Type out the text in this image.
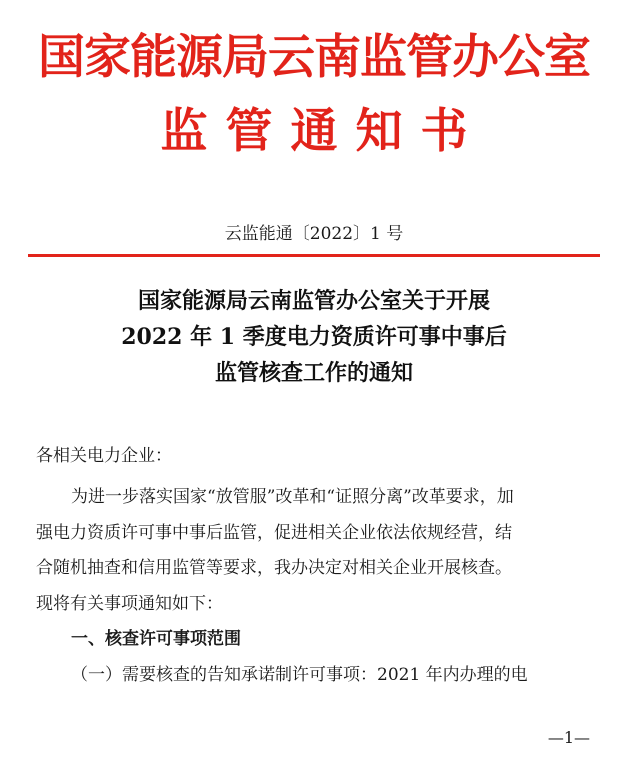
国家能源局云南监管办公室
监管通知书
云监能通〔2022〕1 号
国家能源局云南监管办公室关于开展
2022 年 1 季度电力资质许可事中事后
监管核查工作的通知
各相关电力企业：
为进一步落实国家“放管服”改革和“证照分离”改革要求，加
强电力资质许可事中事后监管，促进相关企业依法依规经营，结
合随机抽查和信用监管等要求，我办决定对相关企业开展核查。
现将有关事项通知如下：
一、核查许可事项范围
（一）需要核查的告知承诺制许可事项：2021 年内办理的电
—1—
